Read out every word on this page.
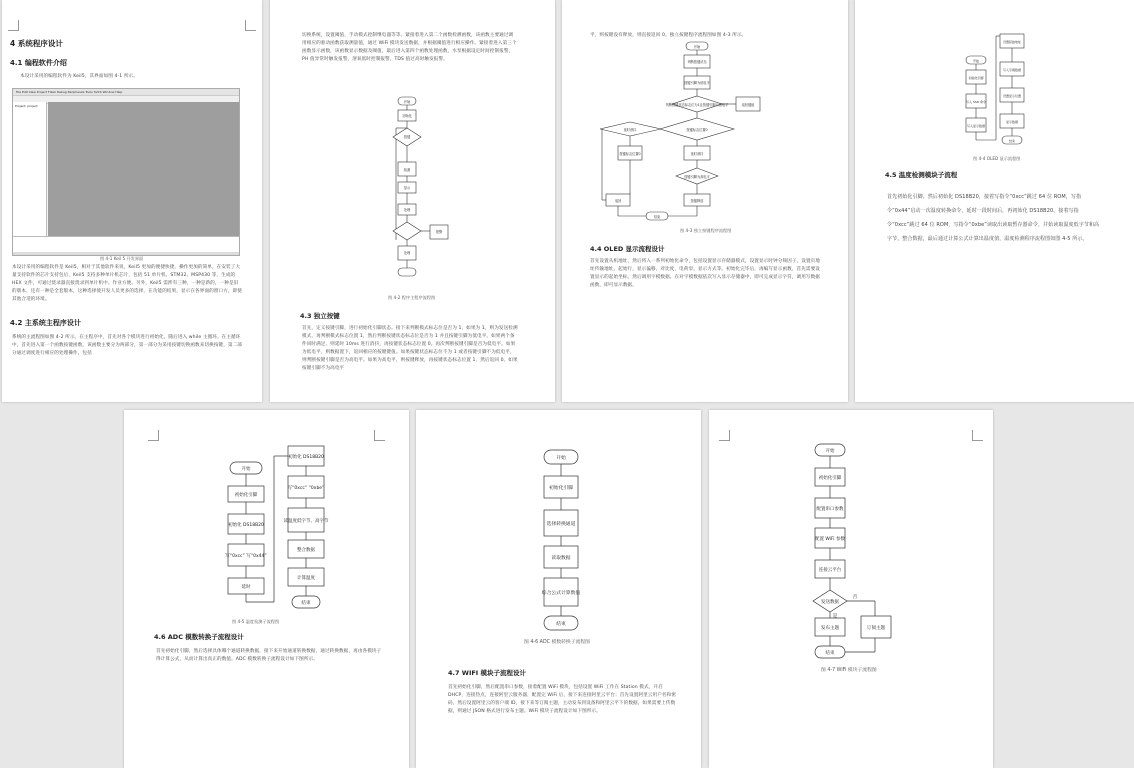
4 系统程序设计
4.1 编程软件介绍
本设计采用的编程软件为 Keil5，其界面如图 4-1 所示。
File Edit View Project Flash Debug Peripherals Tools SVCS Window Help
Project: project
图 4-1 Keil 5 开发界面
本设计采用的编程软件是 Keil5，相对于其他软件来说，Keil5 更加的便捷快捷，操作更加的简单，在安装了大量支持软件的芯片支持包后，Keil5 支持多种单片机芯片，包括 51 单片机、STM32、MSP430 等，生成的 HEX 文件，可通过烧录器直接烧录到单片机中。作业方便。另外，Keil5 需涉有三种，一种是新的，一种是旧的版本，还有一种是全套版本，这种选择使开发人员更多的选择，在功能的结果，显示在各界面的窗口方，即使其他合适的环境。
4.2 主系统主程序设计
系统的主流程图如图 4-2 所示。在主程序中，首先对各个模块进行初始化，随后进入 while 主循环。在主循环中，首先进入第一个函数按键函数，该函数主要分为两部分，第一部分为采用按键切换函数来切换按键，第二部分通过调度进行相应的处理操作，包括
切换系统，设置阈值，手动模式控制继电器等等。紧接着进入第二个函数检测函数，该函数主要通过调用相应的驱动函数获取测量值，通过 WiFi 模块发送数据，并根据阈值进行相应操作。紧接着进入第三个函数显示函数，该函数显示数据及阈值，最后进入第四个函数处理函数，水泵根据设定时间控制报警，PH 值异常时触发报警，溶氧低时控制报警，TDS 值过高时触发报警。
开始
初始化
按键
检测
显示
处理
报警
处理
图 4-2 程序主程序流程图
4.3 独立按键
首先，定义按键引脚，进行初始化引脚状态。接下来判断模式标志位是否为 1，如果为 1，则为发送检测模式，再判断模式标志位置 1，然后判断按键状态标志位是否为 1 并且按键引脚为低电平。如果两个条件同时满足，则延时 10ms 进行消抖，再按键状态标志位置 0。再次判断按键引脚是否为低电平。如果为低电平，则数据置下，返回相应的按键键值。如果按键状态标志位不为 1 或者按键引脚不为低电平，则判断按键引脚是否为高电平。如果为高电平，则按键释放，再按键状态标志位置 1，然后返回 0。如果按键引脚不为高电平
平，则按键没有释放，则直接返回 0。独立按键程序流程图如图 4-3 所示。
开始
判断按键状态
按键引脚为低电平
判断按键状态标志位为1且按键引脚为低电平	返回键值
按键标志位置0
延时消抖
按键标志位置0	延时消抖
按键引脚为高电平
按键释放
返回
结束
图 4-3 独立按键程序流程图
4.4 OLED 显示流程设计
首先设置从机地址，然后将入一系列初始化命令，包括设置显示存储器模式，设置显示时钟分频因子，设置页地址传输地址，起始行，显示偏移，对比度，电荷泵，显示方式等。初始化完毕后，再编写显示函数，首先需要设置显示的起始坐标，然后调用字模数据。在对字模数据依次写入显示存储器中，即可完成显示字符，调用写数据函数，即可显示数据。
开始
初始化引脚
写入 SSD 命令
写入显示数据
设置起始地址
写入字模数据
设置显示位置
显示数据
结束
图 4-4 OLED 显示流程图
4.5 温度检测模块子流程
首先初始化引脚，然后初始化 DS18B20，接着写指令“0xcc”跳过 64 位 ROM，写指令“0x44”启动一次温度转换命令，延时一段时间后，再初始化 DS18B20，接着写指令“0xcc”跳过 64 位 ROM，写指令“0xbe”读取出读取暂存器命令，并始读取温度低字节和高字节，整合数据，最后通过计算公式计算出温度值，温度检测程序流程图如图 4-5 所示。
开始
初始化引脚
初始化 DS18B20
写“0xcc” 写“0x44”
延时
初始化 DS18B20
写“0xcc” “0xbe”
读温度低字节、高字节
整合数据
计算温度
结束
图 4-5 温度检测子流程图
4.6 ADC 模数转换子流程设计
首先初始化引脚，然后选择具体哪个通道转换数据，接下来开始通道转换数据，通过转换数据，再由各模块子得计算公式，从而计算出真正的数值。ADC 模数转换子流程设计如下图所示。
开始
初始化引脚
选择转换通道
读取数据
综合公式计算数值
结束
图 4-6 ADC 模数转换子流程图
4.7 WIFI 模块子流程设计
首先初始化引脚，然后配置串口参数，接着配置 WiFi 模块，包括设置 WiFi 工作在 Station 模式，开启 DHCP，连接热点，连接阿里云服务器，配置完 WiFi 后，接下来连接阿里云平台；首先设置阿里云用户名和密码，然后设置阿里云的客户端 ID，接下来等订阅主题，主动发布到设备和阿里云平下的数据，如果需要上传数据，则通过 JSON 格式进行发布主题。WiFi 模块子流程设计如下图所示。
开始
初始化引脚
配置串口参数
配置 WiFi 参数
连接云平台
发送数据
发布主题	订阅主题
结束
否
是
图 4-7 WiFi 模块子流程图
